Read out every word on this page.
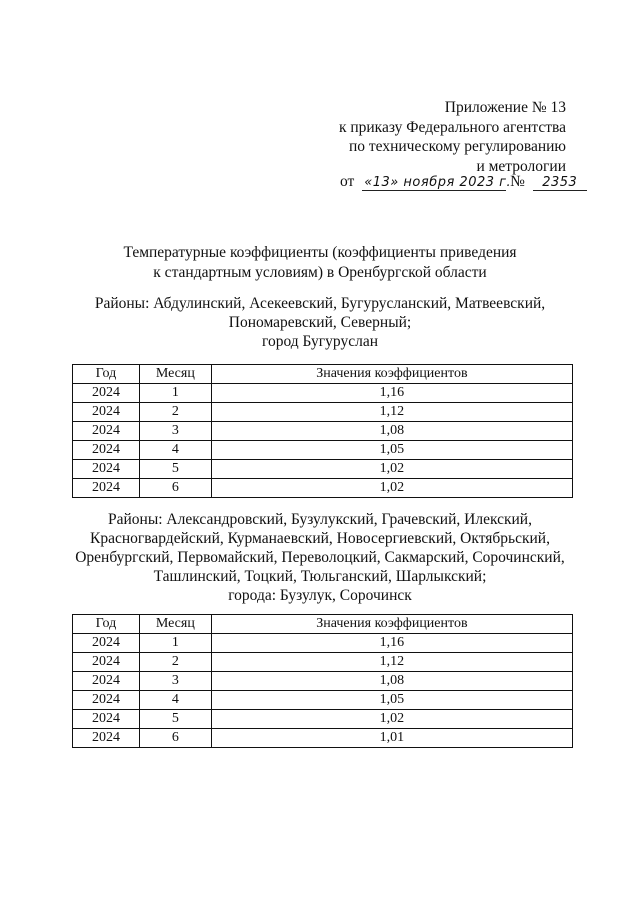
Приложение № 13
к приказу Федерального агентства
по техническому регулированию
и метрологии
от «13» ноября 2023 г. № 2353
Температурные коэффициенты (коэффициенты приведения
к стандартным условиям) в Оренбургской области
Районы: Абдулинский, Асекеевский, Бугурусланский, Матвеевский,
Пономаревский, Северный;
город Бугуруслан
Год	Месяц	Значения коэффициентов
2024	1	1,16
2024	2	1,12
2024	3	1,08
2024	4	1,05
2024	5	1,02
2024	6	1,02
Районы: Александровский, Бузулукский, Грачевский, Илекский,
Красногвардейский, Курманаевский, Новосергиевский, Октябрьский,
Оренбургский, Первомайский, Переволоцкий, Сакмарский, Сорочинский,
Ташлинский, Тоцкий, Тюльганский, Шарлыкский;
города: Бузулук, Сорочинск
Год	Месяц	Значения коэффициентов
2024	1	1,16
2024	2	1,12
2024	3	1,08
2024	4	1,05
2024	5	1,02
2024	6	1,01
